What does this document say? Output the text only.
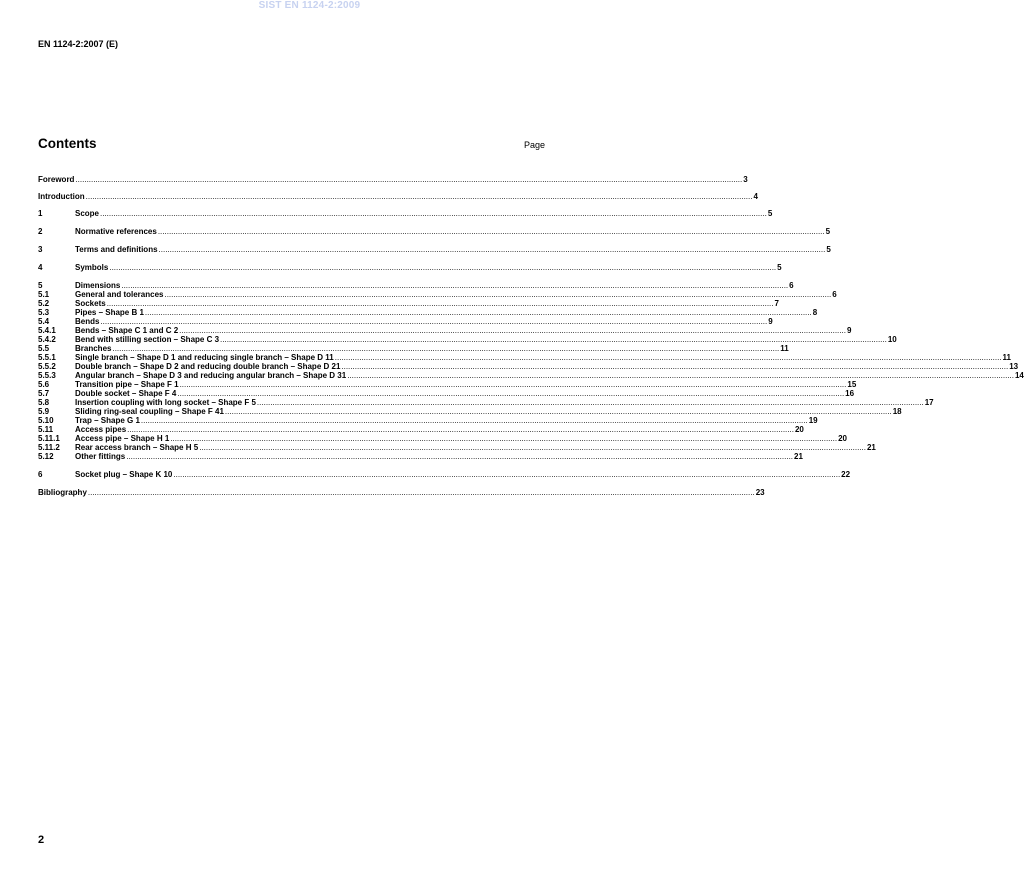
SIST EN 1124-2:2009
EN 1124-2:2007 (E)
Contents	Page
Foreword ............................................................................................................................................................................................................................................................................................................ 3
Introduction ............................................................................................................................................................................................................................................................................................................ 4
1	Scope ............................................................................................................................................................................................................................................................................................................ 5
2	Normative references ............................................................................................................................................................................................................................................................................................................ 5
3	Terms and definitions ............................................................................................................................................................................................................................................................................................................ 5
4	Symbols ............................................................................................................................................................................................................................................................................................................ 5
5	Dimensions ............................................................................................................................................................................................................................................................................................................ 6
5.1	General and tolerances ............................................................................................................................................................................................................................................................................................................ 6
5.2	Sockets ............................................................................................................................................................................................................................................................................................................ 7
5.3	Pipes – Shape B 1 ............................................................................................................................................................................................................................................................................................................ 8
5.4	Bends ............................................................................................................................................................................................................................................................................................................ 9
5.4.1	Bends – Shape C 1 and C 2 ............................................................................................................................................................................................................................................................................................................ 9
5.4.2	Bend with stilling section – Shape C 3 ............................................................................................................................................................................................................................................................................................................ 10
5.5	Branches ............................................................................................................................................................................................................................................................................................................ 11
5.5.1	Single branch – Shape D 1 and reducing single branch – Shape D 11 ............................................................................................................................................................................................................................................................................................................ 11
5.5.2	Double branch – Shape D 2 and reducing double branch – Shape D 21 ............................................................................................................................................................................................................................................................................................................ 13
5.5.3	Angular branch – Shape D 3 and reducing angular branch – Shape D 31 ............................................................................................................................................................................................................................................................................................................ 14
5.6	Transition pipe – Shape F 1 ............................................................................................................................................................................................................................................................................................................ 15
5.7	Double socket – Shape F 4 ............................................................................................................................................................................................................................................................................................................ 16
5.8	Insertion coupling with long socket – Shape F 5 ............................................................................................................................................................................................................................................................................................................ 17
5.9	Sliding ring-seal coupling – Shape F 41 ............................................................................................................................................................................................................................................................................................................ 18
5.10	Trap – Shape G 1 ............................................................................................................................................................................................................................................................................................................ 19
5.11	Access pipes ............................................................................................................................................................................................................................................................................................................ 20
5.11.1	Access pipe – Shape H 1 ............................................................................................................................................................................................................................................................................................................ 20
5.11.2	Rear access branch – Shape H 5 ............................................................................................................................................................................................................................................................................................................ 21
5.12	Other fittings ............................................................................................................................................................................................................................................................................................................ 21
6	Socket plug – Shape K 10 ............................................................................................................................................................................................................................................................................................................ 22
Bibliography ............................................................................................................................................................................................................................................................................................................ 23
2
